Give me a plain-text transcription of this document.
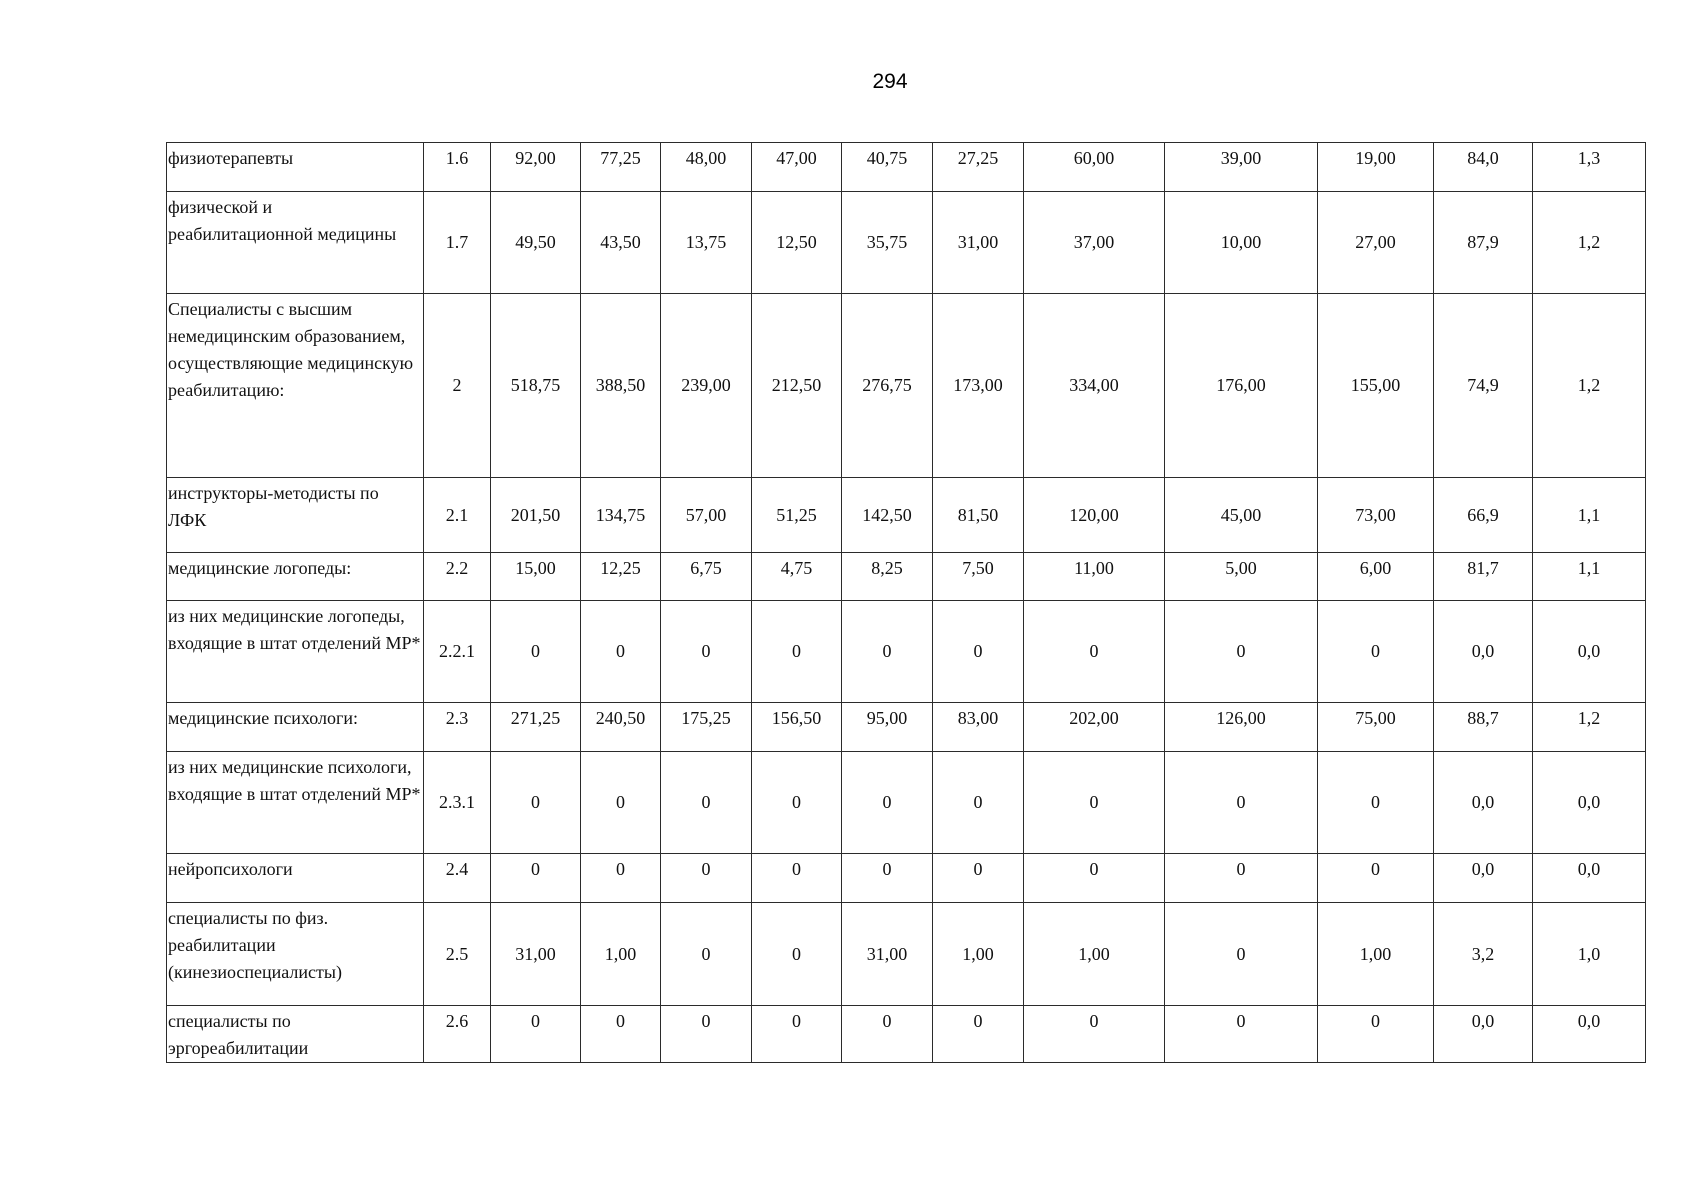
294
физиотерапевты	1.6	92,00	77,25	48,00	47,00	40,75	27,25	60,00	39,00	19,00	84,0	1,3
физической и реабилитационной медицины	1.7	49,50	43,50	13,75	12,50	35,75	31,00	37,00	10,00	27,00	87,9	1,2
Специалисты с высшим немедицинским образованием, осуществляющие медицинскую реабилитацию:	2	518,75	388,50	239,00	212,50	276,75	173,00	334,00	176,00	155,00	74,9	1,2
инструкторы-методисты по ЛФК	2.1	201,50	134,75	57,00	51,25	142,50	81,50	120,00	45,00	73,00	66,9	1,1
медицинские логопеды:	2.2	15,00	12,25	6,75	4,75	8,25	7,50	11,00	5,00	6,00	81,7	1,1
из них медицинские логопеды, входящие в штат отделений МР*	2.2.1	0	0	0	0	0	0	0	0	0	0,0	0,0
медицинские психологи:	2.3	271,25	240,50	175,25	156,50	95,00	83,00	202,00	126,00	75,00	88,7	1,2
из них медицинские психологи, входящие в штат отделений МР*	2.3.1	0	0	0	0	0	0	0	0	0	0,0	0,0
нейропсихологи	2.4	0	0	0	0	0	0	0	0	0	0,0	0,0
специалисты по физ. реабилитации (кинезиоспециалисты)	2.5	31,00	1,00	0	0	31,00	1,00	1,00	0	1,00	3,2	1,0
специалисты по эргореабилитации	2.6	0	0	0	0	0	0	0	0	0	0,0	0,0
